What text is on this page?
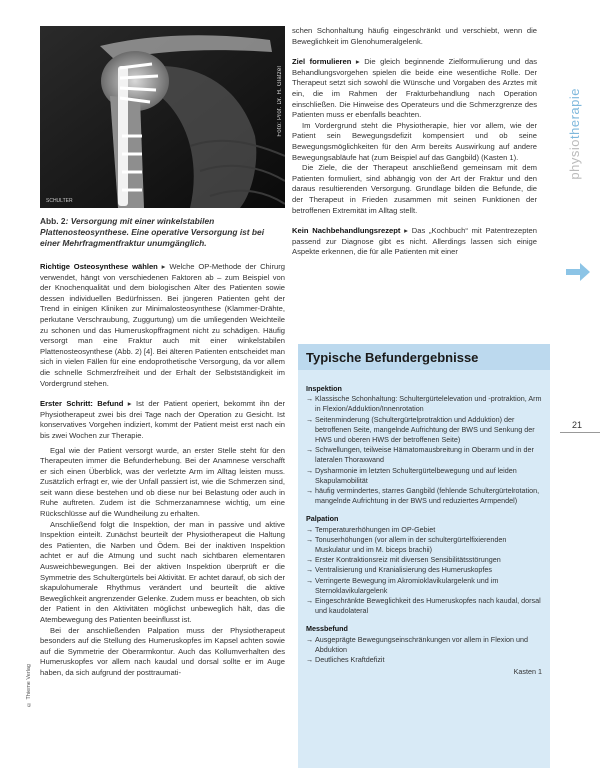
Foto: Prof. Dr. H. Glatzel
SCHULTER
Abb. 2: Versorgung mit einer winkelstabilen Plattenosteosynthese. Eine operative Versorgung ist bei einer Mehrfragmentfraktur unumgänglich.

Richtige Osteosynthese wählen ▸ Welche OP-Methode der Chirurg verwendet, hängt von verschiedenen Faktoren ab – zum Beispiel von der Knochenqualität und dem biologischen Alter des Patienten sowie dessen individuellen Bedürfnissen. Bei jüngeren Patienten geht der Trend in einigen Kliniken zur Minimalosteosynthese (Klammer-Drähte, perkutane Verschraubung, Zuggurtung) um die umliegenden Weichteile zu schonen und das Humeruskopffragment nicht zu schädigen. Häufig versorgt man eine Fraktur auch mit einer winkelstabilen Plattenosteosynthese (Abb. 2) [4]. Bei älteren Patienten entscheidet man sich in vielen Fällen für eine endoprothetische Versorgung, da vor allem die schnelle Schmerzfreiheit und der Erhalt der Selbstständigkeit im Vordergrund stehen.

Erster Schritt: Befund ▸ Ist der Patient operiert, bekommt ihn der Physiotherapeut zwei bis drei Tage nach der Operation zu Gesicht. Ist konservatives Vorgehen indiziert, kommt der Patient meist erst nach ein bis zwei Wochen zur Therapie.

Egal wie der Patient versorgt wurde, an erster Stelle steht für den Therapeuten immer die Befunderhebung. Bei der Anamnese verschafft er sich einen Überblick, was der verletzte Arm im Alltag leisten muss. Zusätzlich erfragt er, wie der Unfall passiert ist, wie die Schmerzen sind, seit wann diese bestehen und ob diese nur bei Belastung oder auch in Ruhe auftreten. Zudem ist die Schmerzanamnese wichtig, um eine Rückschlüsse auf die Wundheilung zu erhalten.

Anschließend folgt die Inspektion, der man in passive und aktive Inspektion einteilt. Zunächst beurteilt der Physiotherapeut die Haltung des Patienten, die Narben und Ödem. Bei der inaktiven Inspektion achtet er auf die Atmung und sucht nach sichtbaren elementaren Ausweichbewegungen. Bei der aktiven Inspektion überprüft er die Symmetrie des Schultergürtels bei Aktivität. Er achtet darauf, ob sich der skapulohumerale Rhythmus verändert und beurteilt die aktive Beweglichkeit angrenzender Gelenke. Zudem muss er beachten, ob sich der Patient in den Aktivitäten möglichst unbeweglich hält, das die Atembewegung des Patienten beeinflusst ist.

Bei der anschließenden Palpation muss der Physiotherapeut besonders auf die Stellung des Humeruskopfes im Kapsel achten sowie auf die Symmetrie der Oberarmkontur. Auch das Kollumverhalten des Humeruskopfes vor allem nach kaudal und dorsal sollte er im Auge haben, da sich aufgrund der posttraumati-

schen Schonhaltung häufig eingeschränkt und verschiebt, wenn die Beweglichkeit im Glenohumeralgelenk.

Ziel formulieren ▸ Die gleich beginnende Zielformulierung und das Behandlungsvorgehen spielen die beide eine wesentliche Rolle. Der Therapeut setzt sich sowohl die Wünsche und Vorgaben des Arztes mit ein, die im Rahmen der Frakturbehandlung nach Operation einschließen. Die Hinweise des Operateurs und die Schmerzgrenze des Patienten muss er ebenfalls beachten.

Im Vordergrund steht die Physiotherapie, hier vor allem, wie der Patient sein Bewegungsdefizit kompensiert und ob seine Bewegungsmöglichkeiten für den Arm bereits Auswirkung auf andere Bewegungsabläufe hat (zum Beispiel auf das Gangbild) (Kasten 1).

Die Ziele, die der Therapeut anschließend gemeinsam mit dem Patienten formuliert, sind abhängig von der Art der Fraktur und den daraus resultierenden Versorgung. Grundlage bilden die Befunde, die der Therapeut in Frieden zusammen mit seinen Funktionen der betroffenen Extremität im Alltag stellt.

Kein Nachbehandlungsrezept ▸ Das „Kochbuch“ mit Patentrezepten passend zur Diagnose gibt es nicht. Allerdings lassen sich einige Aspekte erkennen, die für alle Patienten mit einer

physiotherapie
21
© Thieme Verlag
Typische Befundergebnisse
Inspektion
→ Klassische Schonhaltung: Schultergürtelelevation und -protraktion, Arm in Flexion/Adduktion/Innenrotation
→ Seitenminderung (Schultergürtelprotraktion und Adduktion) der betroffenen Seite, mangelnde Aufrichtung der BWS und Senkung der HWS und oberen HWS der betroffenen Seite)
→ Schwellungen, teilweise Hämatomausbreitung in Oberarm und in der lateralen Thoraxwand
→ Dysharmonie im letzten Schultergürtelbewegung und auf leiden Skapulamobilität
→ häufig vermindertes, starres Gangbild (fehlende Schultergürtelrotation, mangelnde Aufrichtung in der BWS und reduziertes Armpendel)
Palpation
→ Temperaturerhöhungen im OP-Gebiet
→ Tonuserhöhungen (vor allem in der schultergürtelfixierenden Muskulatur und im M. biceps brachii)
→ Erster Kontraktionsreiz mit diversen Sensibilitätsstörungen
→ Ventralisierung und Kranialisierung des Humeruskopfes
→ Verringerte Bewegung im Akromioklavikulargelenk und im Sternoklavikulargelenk
→ Eingeschränkte Beweglichkeit des Humeruskopfes nach kaudal, dorsal und kaudolateral
Messbefund
→ Ausgeprägte Bewegungseinschränkungen vor allem in Flexion und Abduktion
→ Deutliches Kraftdefizit
Kasten 1
